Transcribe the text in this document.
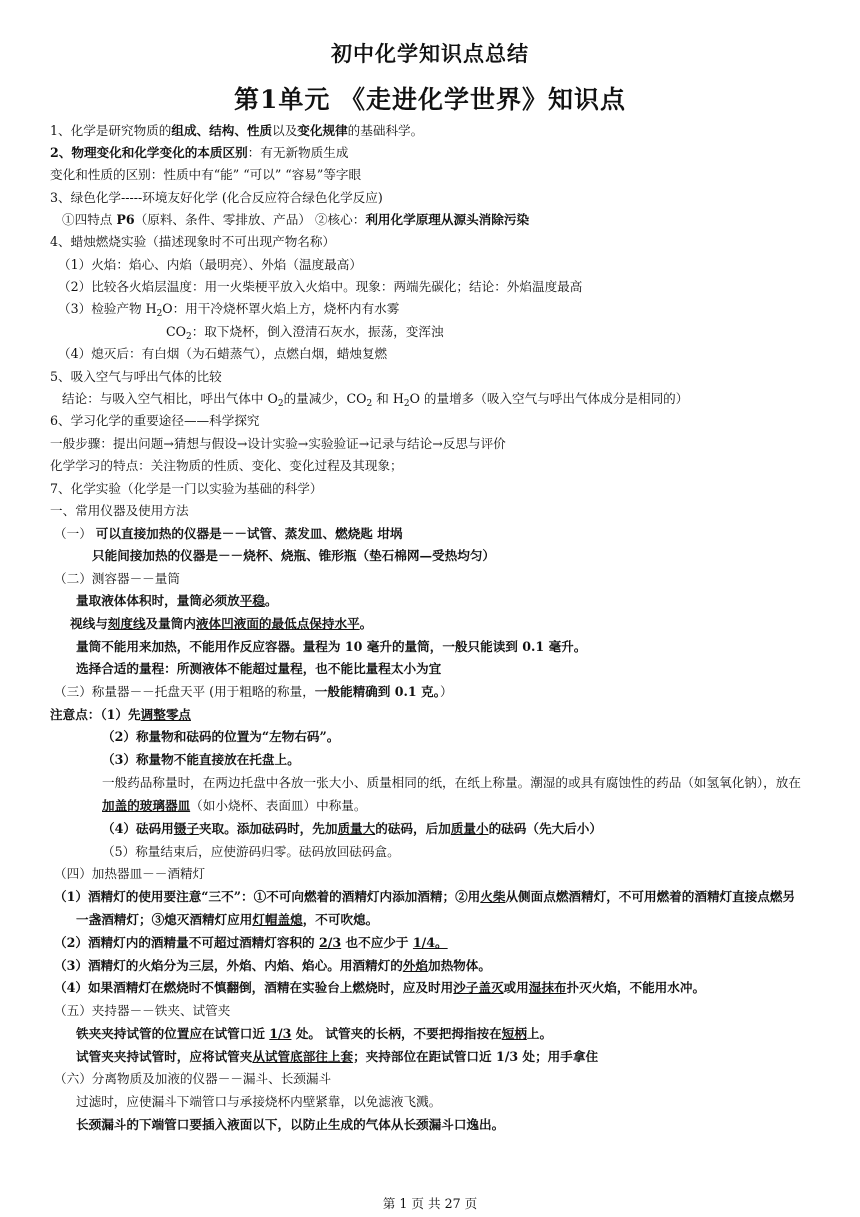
初中化学知识点总结
第1单元 《走进化学世界》知识点
1、化学是研究物质的组成、结构、性质以及变化规律的基础科学。
2、物理变化和化学变化的本质区别：有无新物质生成
变化和性质的区别：性质中有“能” “可以” “容易”等字眼
3、绿色化学-----环境友好化学 (化合反应符合绿色化学反应)
①四特点 P6（原料、条件、零排放、产品） ②核心：利用化学原理从源头消除污染
4、蜡烛燃烧实验（描述现象时不可出现产物名称）
（1）火焰：焰心、内焰（最明亮）、外焰（温度最高）
（2）比较各火焰层温度：用一火柴梗平放入火焰中。现象：两端先碳化；结论：外焰温度最高
（3）检验产物 $H_2O$：用干冷烧杯罩火焰上方，烧杯内有水雾
$CO_2$：取下烧杯，倒入澄清石灰水，振荡，变浑浊
（4）熄灭后：有白烟（为石蜡蒸气），点燃白烟，蜡烛复燃
5、吸入空气与呼出气体的比较
结论：与吸入空气相比，呼出气体中 $O_2$的量减少，$CO_2$ 和 $H_2O$ 的量增多（吸入空气与呼出气体成分是相同的）
6、学习化学的重要途径——科学探究
一般步骤：提出问题→猜想与假设→设计实验→实验验证→记录与结论→反思与评价
化学学习的特点：关注物质的性质、变化、变化过程及其现象；
7、化学实验（化学是一门以实验为基础的科学）
一、常用仪器及使用方法
（一） 可以直接加热的仪器是－－试管、蒸发皿、燃烧匙 坩埚
只能间接加热的仪器是－－烧杯、烧瓶、锥形瓶（垫石棉网—受热均匀）
（二）测容器－－量筒
量取液体体积时，量筒必须放平稳。
视线与刻度线及量筒内液体凹液面的最低点保持水平。
量筒不能用来加热，不能用作反应容器。量程为 10 毫升的量筒，一般只能读到 0.1 毫升。
选择合适的量程：所测液体不能超过量程，也不能比量程太小为宜
（三）称量器－－托盘天平 (用于粗略的称量，一般能精确到 0.1 克。）
注意点：（1）先调整零点
（2）称量物和砝码的位置为“左物右码”。
（3）称量物不能直接放在托盘上。
一般药品称量时，在两边托盘中各放一张大小、质量相同的纸，在纸上称量。潮湿的或具有腐蚀性的药品（如氢氧化钠），放在
加盖的玻璃器皿（如小烧杯、表面皿）中称量。
（4）砝码用镊子夹取。添加砝码时，先加质量大的砝码，后加质量小的砝码（先大后小）
（5）称量结束后，应使游码归零。砝码放回砝码盒。
（四）加热器皿－－酒精灯
（1）酒精灯的使用要注意“三不”：①不可向燃着的酒精灯内添加酒精；②用火柴从侧面点燃酒精灯，不可用燃着的酒精灯直接点燃另
一盏酒精灯；③熄灭酒精灯应用灯帽盖熄，不可吹熄。
（2）酒精灯内的酒精量不可超过酒精灯容积的 2/3 也不应少于 1/4。
（3）酒精灯的火焰分为三层，外焰、内焰、焰心。用酒精灯的外焰加热物体。
（4）如果酒精灯在燃烧时不慎翻倒，酒精在实验台上燃烧时，应及时用沙子盖灭或用湿抹布扑灭火焰，不能用水冲。
（五）夹持器－－铁夹、试管夹
铁夹夹持试管的位置应在试管口近 1/3 处。 试管夹的长柄，不要把拇指按在短柄上。
试管夹夹持试管时，应将试管夹从试管底部往上套；夹持部位在距试管口近 1/3 处；用手拿住
（六）分离物质及加液的仪器－－漏斗、长颈漏斗
过滤时，应使漏斗下端管口与承接烧杯内壁紧靠，以免滤液飞溅。
长颈漏斗的下端管口要插入液面以下，以防止生成的气体从长颈漏斗口逸出。
第 1 页 共 27 页
